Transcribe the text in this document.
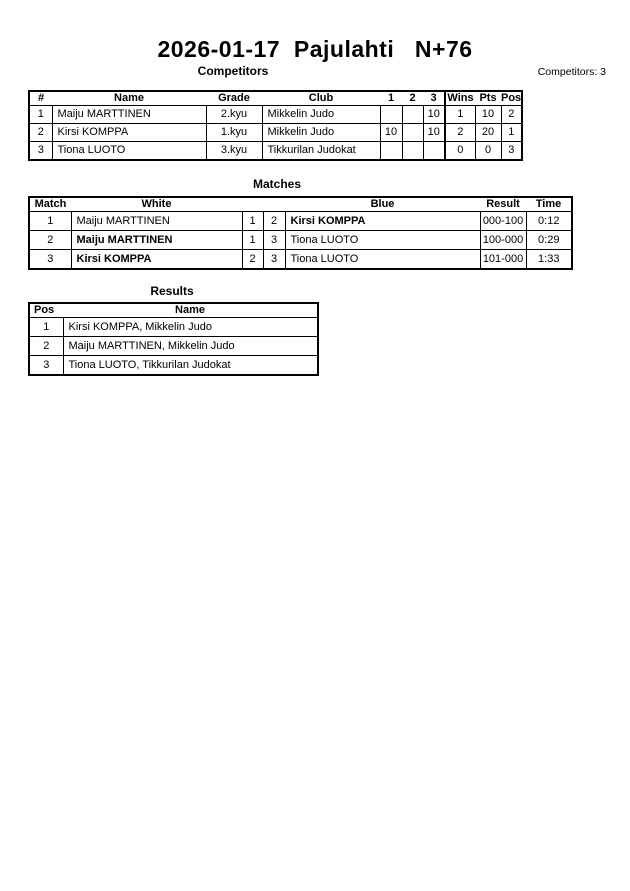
2026-01-17  Pajulahti   N+76
Competitors	Competitors: 3
#	Name	Grade	Club	1	2	3	Wins	Pts	Pos
1	Maiju MARTTINEN	2.kyu	Mikkelin Judo			10	1	10	2
2	Kirsi KOMPPA	1.kyu	Mikkelin Judo	10		10	2	20	1
3	Tiona LUOTO	3.kyu	Tikkurilan Judokat				0	0	3
Matches
Match	White			Blue	Result	Time
1	Maiju MARTTINEN	1	2	Kirsi KOMPPA	000-100	0:12
2	Maiju MARTTINEN	1	3	Tiona LUOTO	100-000	0:29
3	Kirsi KOMPPA	2	3	Tiona LUOTO	101-000	1:33
Results
Pos	Name
1	Kirsi KOMPPA, Mikkelin Judo
2	Maiju MARTTINEN, Mikkelin Judo
3	Tiona LUOTO, Tikkurilan Judokat
